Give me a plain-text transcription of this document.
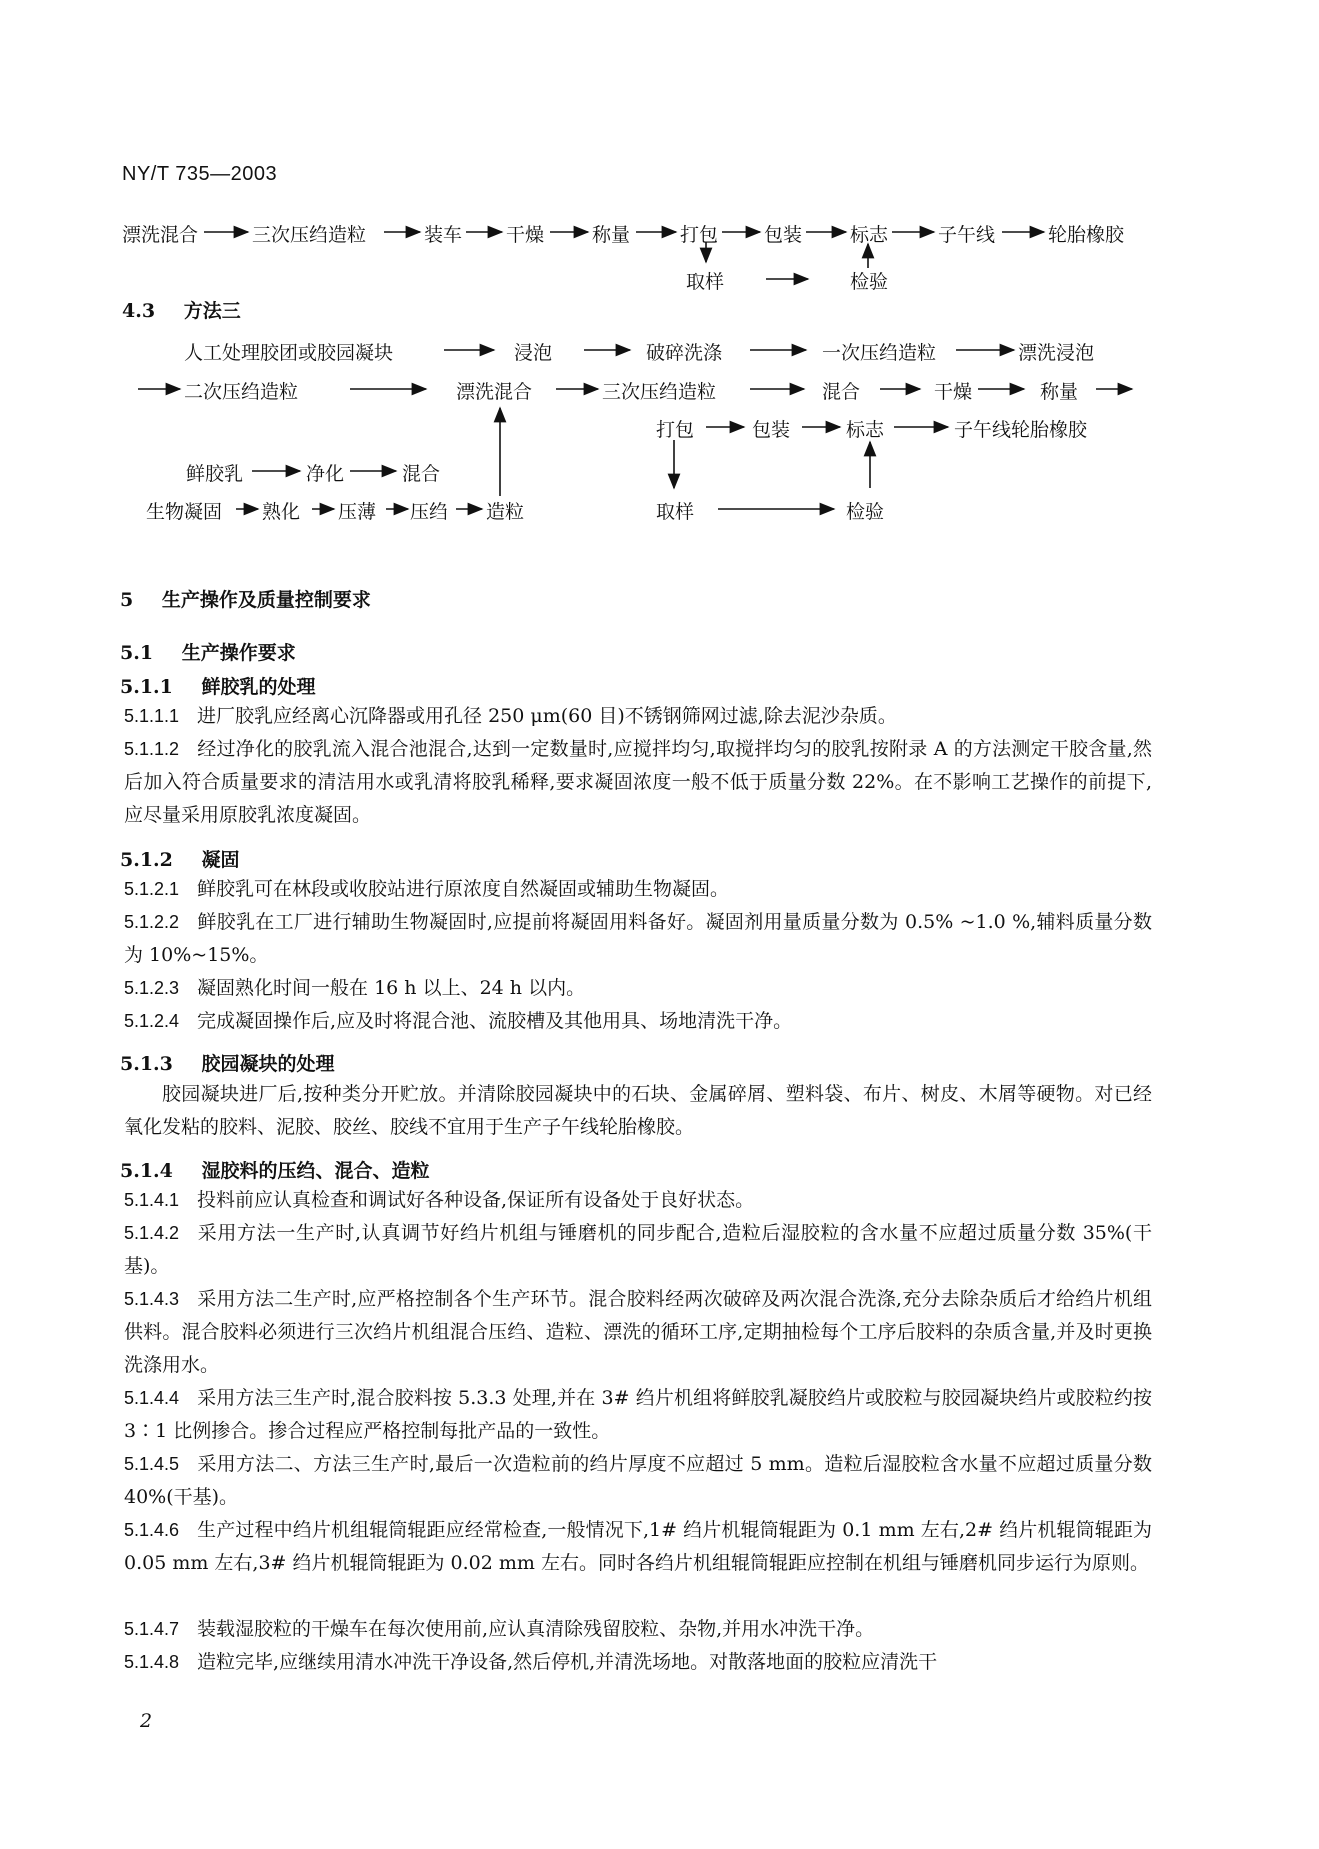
NY/T 735—2003
漂洗混合	三次压绉造粒	装车 干燥	称量	打包 包装	标志	子午线	轮胎橡胶
取样	检验
4.3 方法三
人工处理胶团或胶园凝块	浸泡	破碎洗涤	一次压绉造粒	漂洗浸泡
二次压绉造粒	漂洗混合	三次压绉造粒	混合	干燥	称量
打包	包装	标志	子午线轮胎橡胶
鲜胶乳	净化	混合
生物凝固 熟化 压薄 压绉 造粒	取样	检验
5 生产操作及质量控制要求
5.1 生产操作要求
5.1.1 鲜胶乳的处理
5.1.1.1 进厂胶乳应经离心沉降器或用孔径 250 μm(60 目)不锈钢筛网过滤,除去泥沙杂质。
5.1.1.2 经过净化的胶乳流入混合池混合,达到一定数量时,应搅拌均匀,取搅拌均匀的胶乳按附录 A 的方法测定干胶含量,然后加入符合质量要求的清洁用水或乳清将胶乳稀释,要求凝固浓度一般不低于质量分数 22%。在不影响工艺操作的前提下,应尽量采用原胶乳浓度凝固。
5.1.2 凝固
5.1.2.1 鲜胶乳可在林段或收胶站进行原浓度自然凝固或辅助生物凝固。
5.1.2.2 鲜胶乳在工厂进行辅助生物凝固时,应提前将凝固用料备好。凝固剂用量质量分数为 0.5% ~1.0 %,辅料质量分数为 10%~15%。
5.1.2.3 凝固熟化时间一般在 16 h 以上、24 h 以内。
5.1.2.4 完成凝固操作后,应及时将混合池、流胶槽及其他用具、场地清洗干净。
5.1.3 胶园凝块的处理
胶园凝块进厂后,按种类分开贮放。并清除胶园凝块中的石块、金属碎屑、塑料袋、布片、树皮、木屑等硬物。对已经氧化发粘的胶料、泥胶、胶丝、胶线不宜用于生产子午线轮胎橡胶。
5.1.4 湿胶料的压绉、混合、造粒
5.1.4.1 投料前应认真检查和调试好各种设备,保证所有设备处于良好状态。
5.1.4.2 采用方法一生产时,认真调节好绉片机组与锤磨机的同步配合,造粒后湿胶粒的含水量不应超过质量分数 35%(干基)。
5.1.4.3 采用方法二生产时,应严格控制各个生产环节。混合胶料经两次破碎及两次混合洗涤,充分去除杂质后才给绉片机组供料。混合胶料必须进行三次绉片机组混合压绉、造粒、漂洗的循环工序,定期抽检每个工序后胶料的杂质含量,并及时更换洗涤用水。
5.1.4.4 采用方法三生产时,混合胶料按 5.3.3 处理,并在 3# 绉片机组将鲜胶乳凝胶绉片或胶粒与胶园凝块绉片或胶粒约按 3∶1 比例掺合。掺合过程应严格控制每批产品的一致性。
5.1.4.5 采用方法二、方法三生产时,最后一次造粒前的绉片厚度不应超过 5 mm。造粒后湿胶粒含水量不应超过质量分数 40%(干基)。
5.1.4.6 生产过程中绉片机组辊筒辊距应经常检查,一般情况下,1# 绉片机辊筒辊距为 0.1 mm 左右,2# 绉片机辊筒辊距为 0.05 mm 左右,3# 绉片机辊筒辊距为 0.02 mm 左右。同时各绉片机组辊筒辊距应控制在机组与锤磨机同步运行为原则。
5.1.4.7 装载湿胶粒的干燥车在每次使用前,应认真清除残留胶粒、杂物,并用水冲洗干净。
5.1.4.8 造粒完毕,应继续用清水冲洗干净设备,然后停机,并清洗场地。对散落地面的胶粒应清洗干
2
